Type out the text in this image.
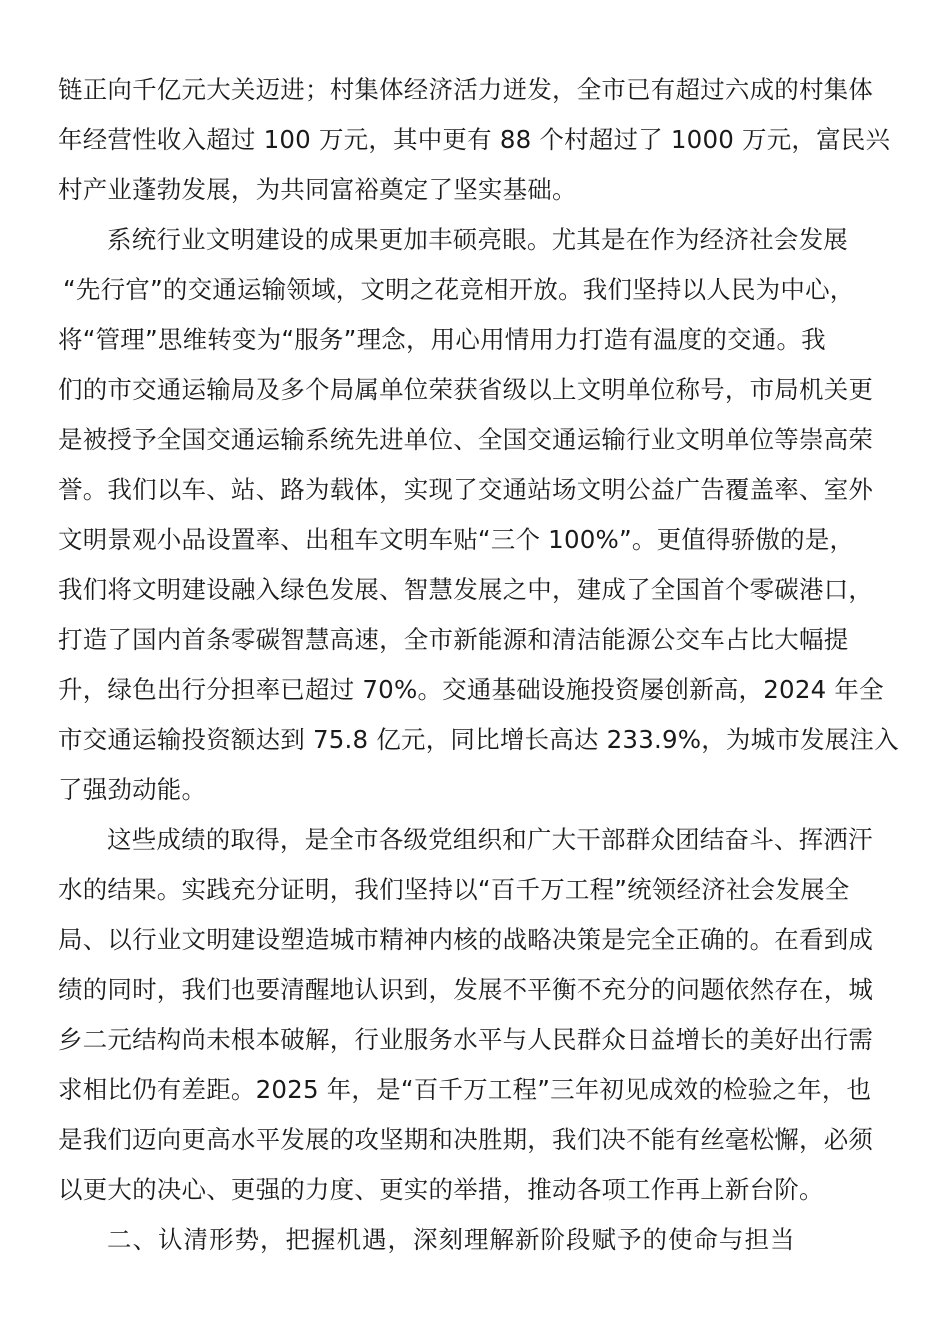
链正向千亿元大关迈进；村集体经济活力迸发，全市已有超过六成的村集体
年经营性收入超过 100 万元，其中更有 88 个村超过了 1000 万元，富民兴
村产业蓬勃发展，为共同富裕奠定了坚实基础。
系统行业文明建设的成果更加丰硕亮眼。尤其是在作为经济社会发展
“先行官”的交通运输领域，文明之花竞相开放。我们坚持以人民为中心，
将“管理”思维转变为“服务”理念，用心用情用力打造有温度的交通。我
们的市交通运输局及多个局属单位荣获省级以上文明单位称号，市局机关更
是被授予全国交通运输系统先进单位、全国交通运输行业文明单位等崇高荣
誉。我们以车、站、路为载体，实现了交通站场文明公益广告覆盖率、室外
文明景观小品设置率、出租车文明车贴“三个 100%”。更值得骄傲的是，
我们将文明建设融入绿色发展、智慧发展之中，建成了全国首个零碳港口，
打造了国内首条零碳智慧高速，全市新能源和清洁能源公交车占比大幅提
升，绿色出行分担率已超过 70%。交通基础设施投资屡创新高，2024 年全
市交通运输投资额达到 75.8 亿元，同比增长高达 233.9%，为城市发展注入
了强劲动能。
这些成绩的取得，是全市各级党组织和广大干部群众团结奋斗、挥洒汗
水的结果。实践充分证明，我们坚持以“百千万工程”统领经济社会发展全
局、以行业文明建设塑造城市精神内核的战略决策是完全正确的。在看到成
绩的同时，我们也要清醒地认识到，发展不平衡不充分的问题依然存在，城
乡二元结构尚未根本破解，行业服务水平与人民群众日益增长的美好出行需
求相比仍有差距。2025 年，是“百千万工程”三年初见成效的检验之年，也
是我们迈向更高水平发展的攻坚期和决胜期，我们决不能有丝毫松懈，必须
以更大的决心、更强的力度、更实的举措，推动各项工作再上新台阶。
二、认清形势，把握机遇，深刻理解新阶段赋予的使命与担当
